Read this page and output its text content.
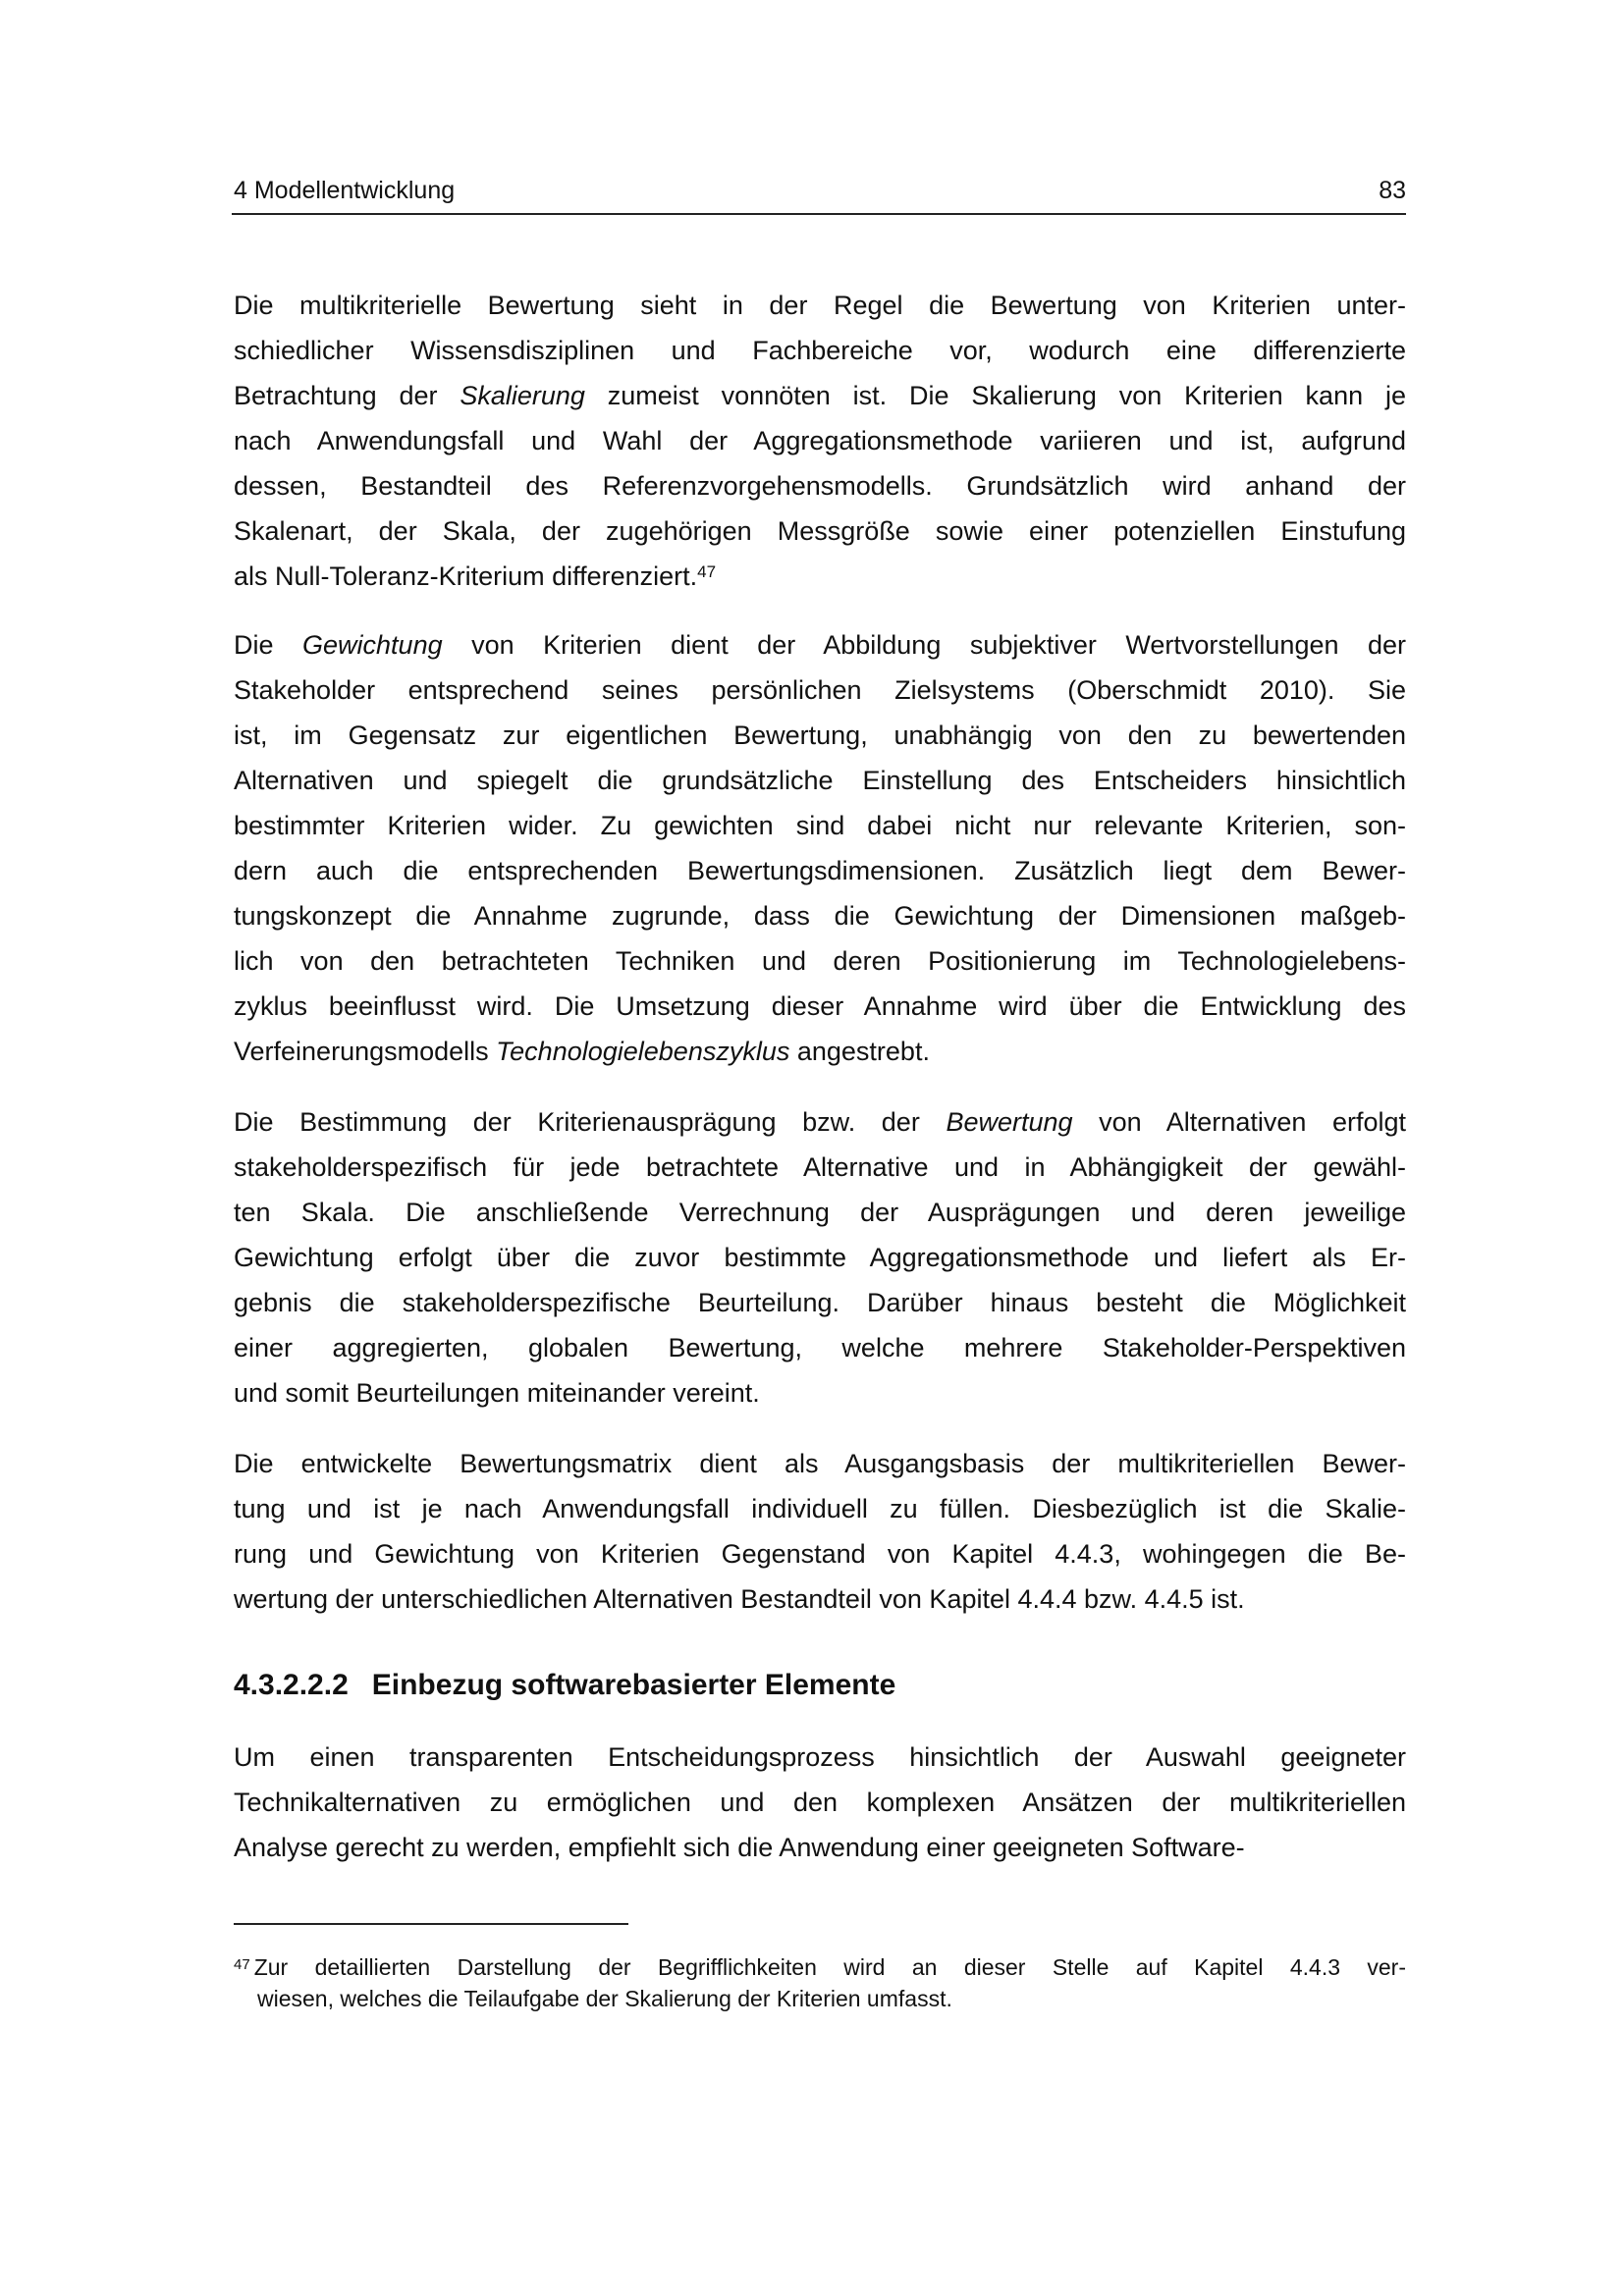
4 Modellentwicklung	83
Die multikriterielle Bewertung sieht in der Regel die Bewertung von Kriterien unter-
schiedlicher Wissensdisziplinen und Fachbereiche vor, wodurch eine differenzierte
Betrachtung der Skalierung zumeist vonnöten ist. Die Skalierung von Kriterien kann je
nach Anwendungsfall und Wahl der Aggregationsmethode variieren und ist, aufgrund
dessen, Bestandteil des Referenzvorgehensmodells. Grundsätzlich wird anhand der
Skalenart, der Skala, der zugehörigen Messgröße sowie einer potenziellen Einstufung
als Null-Toleranz-Kriterium differenziert.$^{47}$
Die Gewichtung von Kriterien dient der Abbildung subjektiver Wertvorstellungen der
Stakeholder entsprechend seines persönlichen Zielsystems (Oberschmidt 2010). Sie
ist, im Gegensatz zur eigentlichen Bewertung, unabhängig von den zu bewertenden
Alternativen und spiegelt die grundsätzliche Einstellung des Entscheiders hinsichtlich
bestimmter Kriterien wider. Zu gewichten sind dabei nicht nur relevante Kriterien, son-
dern auch die entsprechenden Bewertungsdimensionen. Zusätzlich liegt dem Bewer-
tungskonzept die Annahme zugrunde, dass die Gewichtung der Dimensionen maßgeb-
lich von den betrachteten Techniken und deren Positionierung im Technologielebens-
zyklus beeinflusst wird. Die Umsetzung dieser Annahme wird über die Entwicklung des
Verfeinerungsmodells Technologielebenszyklus angestrebt.
Die Bestimmung der Kriterienausprägung bzw. der Bewertung von Alternativen erfolgt
stakeholderspezifisch für jede betrachtete Alternative und in Abhängigkeit der gewähl-
ten Skala. Die anschließende Verrechnung der Ausprägungen und deren jeweilige
Gewichtung erfolgt über die zuvor bestimmte Aggregationsmethode und liefert als Er-
gebnis die stakeholderspezifische Beurteilung. Darüber hinaus besteht die Möglichkeit
einer aggregierten, globalen Bewertung, welche mehrere Stakeholder-Perspektiven
und somit Beurteilungen miteinander vereint.
Die entwickelte Bewertungsmatrix dient als Ausgangsbasis der multikriteriellen Bewer-
tung und ist je nach Anwendungsfall individuell zu füllen. Diesbezüglich ist die Skalie-
rung und Gewichtung von Kriterien Gegenstand von Kapitel 4.4.3, wohingegen die Be-
wertung der unterschiedlichen Alternativen Bestandteil von Kapitel 4.4.4 bzw. 4.4.5 ist.
4.3.2.2.2 Einbezug softwarebasierter Elemente
Um einen transparenten Entscheidungsprozess hinsichtlich der Auswahl geeigneter
Technikalternativen zu ermöglichen und den komplexen Ansätzen der multikriteriellen
Analyse gerecht zu werden, empfiehlt sich die Anwendung einer geeigneten Software-
$^{47}$ Zur detaillierten Darstellung der Begrifflichkeiten wird an dieser Stelle auf Kapitel 4.4.3 ver-
wiesen, welches die Teilaufgabe der Skalierung der Kriterien umfasst.
